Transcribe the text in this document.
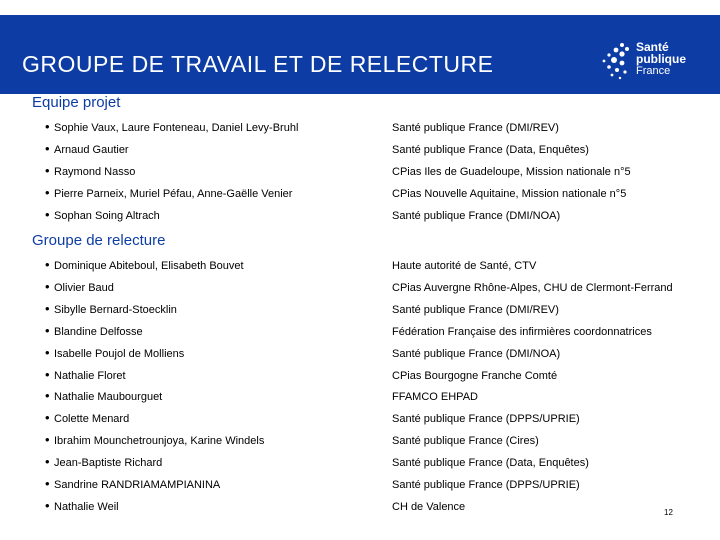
GROUPE DE TRAVAIL ET DE RELECTURE
Santé
publique
France
Equipe projet
• Sophie Vaux, Laure Fonteneau, Daniel Levy-Bruhl	Santé publique France (DMI/REV)
• Arnaud Gautier	Santé publique France (Data, Enquêtes)
• Raymond Nasso	CPias Iles de Guadeloupe, Mission nationale n°5
• Pierre Parneix, Muriel Péfau, Anne-Gaëlle Venier	CPias Nouvelle Aquitaine, Mission nationale n°5
• Sophan Soing Altrach	Santé publique France (DMI/NOA)
Groupe de relecture
• Dominique Abiteboul, Elisabeth Bouvet	Haute autorité de Santé, CTV
• Olivier Baud	CPias Auvergne Rhône-Alpes, CHU de Clermont-Ferrand
• Sibylle Bernard-Stoecklin	Santé publique France (DMI/REV)
• Blandine Delfosse	Fédération Française des infirmières coordonnatrices
• Isabelle Poujol de Molliens	Santé publique France (DMI/NOA)
• Nathalie Floret	CPias Bourgogne Franche Comté
• Nathalie Maubourguet	FFAMCO EHPAD
• Colette Menard	Santé publique France (DPPS/UPRIE)
• Ibrahim Mounchetrounjoya, Karine Windels	Santé publique France (Cires)
• Jean-Baptiste Richard	Santé publique France (Data, Enquêtes)
• Sandrine RANDRIAMAMPIANINA	Santé publique France (DPPS/UPRIE)
• Nathalie Weil	CH de Valence	12
